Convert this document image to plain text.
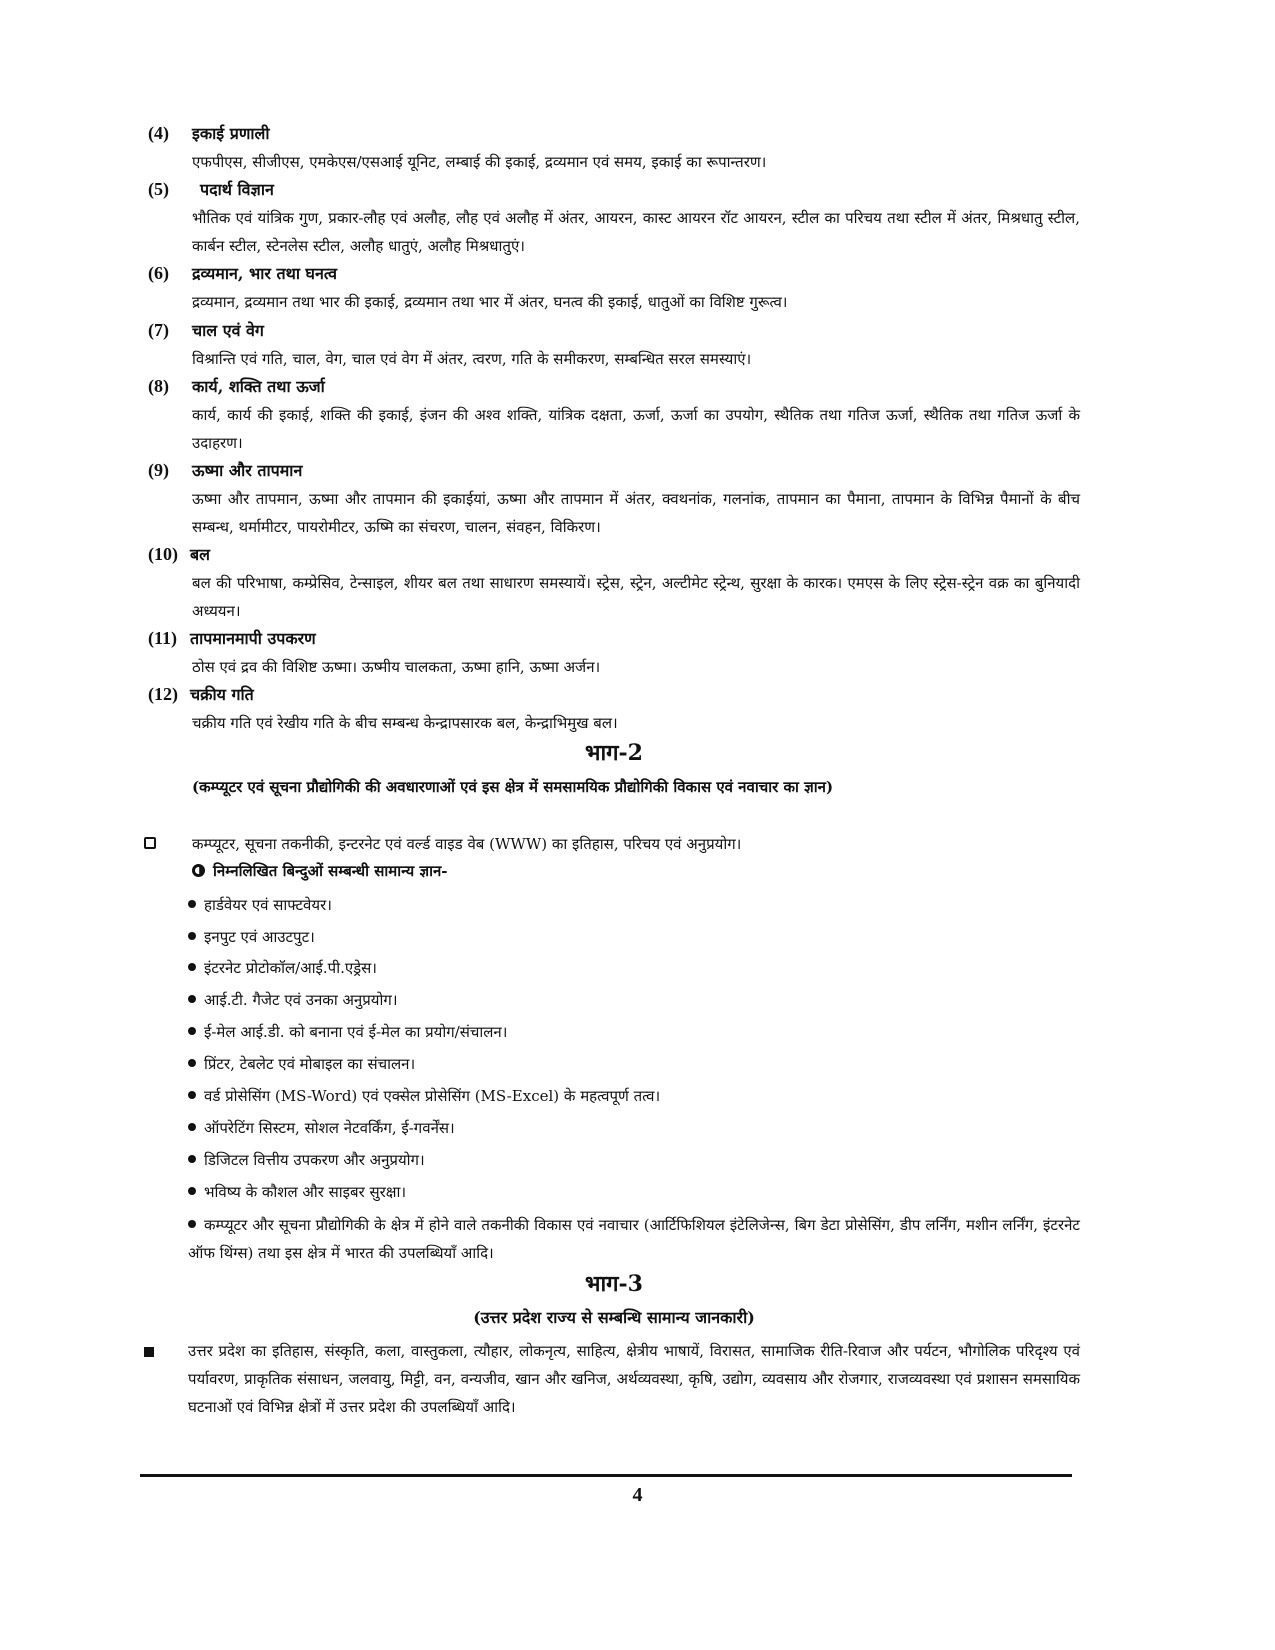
(4) इकाई प्रणाली
एफपीएस, सीजीएस, एमकेएस/एसआई यूनिट, लम्बाई की इकाई, द्रव्यमान एवं समय, इकाई का रूपान्तरण।
(5) पदार्थ विज्ञान
भौतिक एवं यांत्रिक गुण, प्रकार-लौह एवं अलौह, लौह एवं अलौह में अंतर, आयरन, कास्ट आयरन रॉट आयरन, स्टील का परिचय तथा स्टील में अंतर, मिश्रधातु स्टील, कार्बन स्टील, स्टेनलेस स्टील, अलौह धातुएं, अलौह मिश्रधातुएं।
(6) द्रव्यमान, भार तथा घनत्व
द्रव्यमान, द्रव्यमान तथा भार की इकाई, द्रव्यमान तथा भार में अंतर, घनत्व की इकाई, धातुओं का विशिष्ट गुरूत्व।
(7) चाल एवं वेग
विश्रान्ति एवं गति, चाल, वेग, चाल एवं वेग में अंतर, त्वरण, गति के समीकरण, सम्बन्धित सरल समस्याएं।
(8) कार्य, शक्ति तथा ऊर्जा
कार्य, कार्य की इकाई, शक्ति की इकाई, इंजन की अश्व शक्ति, यांत्रिक दक्षता, ऊर्जा, ऊर्जा का उपयोग, स्थैतिक तथा गतिज ऊर्जा, स्थैतिक तथा गतिज ऊर्जा के उदाहरण।
(9) ऊष्मा और तापमान
ऊष्मा और तापमान, ऊष्मा और तापमान की इकाईयां, ऊष्मा और तापमान में अंतर, क्वथनांक, गलनांक, तापमान का पैमाना, तापमान के विभिन्न पैमानों के बीच सम्बन्ध, थर्मामीटर, पायरोमीटर, ऊष्मि का संचरण, चालन, संवहन, विकिरण।
(10) बल
बल की परिभाषा, कम्प्रेसिव, टेन्साइल, शीयर बल तथा साधारण समस्यायें। स्ट्रेस, स्ट्रेन, अल्टीमेट स्ट्रेन्थ, सुरक्षा के कारक। एमएस के लिए स्ट्रेस-स्ट्रेन वक्र का बुनियादी अध्ययन।
(11) तापमानमापी उपकरण
ठोस एवं द्रव की विशिष्ट ऊष्मा। ऊष्मीय चालकता, ऊष्मा हानि, ऊष्मा अर्जन।
(12) चक्रीय गति
चक्रीय गति एवं रेखीय गति के बीच सम्बन्ध केन्द्रापसारक बल, केन्द्राभिमुख बल।
भाग-2
(कम्प्यूटर एवं सूचना प्रौद्योगिकी की अवधारणाओं एवं इस क्षेत्र में समसामयिक प्रौद्योगिकी विकास एवं नवाचार का ज्ञान)
कम्प्यूटर, सूचना तकनीकी, इन्टरनेट एवं वर्ल्ड वाइड वेब (WWW) का इतिहास, परिचय एवं अनुप्रयोग।
निम्नलिखित बिन्दुओं सम्बन्धी सामान्य ज्ञान-
हार्डवेयर एवं साफ्टवेयर।
इनपुट एवं आउटपुट।
इंटरनेट प्रोटोकॉल/आई.पी.एड्रेस।
आई.टी. गैजेट एवं उनका अनुप्रयोग।
ई-मेल आई.डी. को बनाना एवं ई-मेल का प्रयोग/संचालन।
प्रिंटर, टेबलेट एवं मोबाइल का संचालन।
वर्ड प्रोसेसिंग (MS-Word) एवं एक्सेल प्रोसेसिंग (MS-Excel) के महत्वपूर्ण तत्व।
ऑपरेटिंग सिस्टम, सोशल नेटवर्किंग, ई-गवर्नेंस।
डिजिटल वित्तीय उपकरण और अनुप्रयोग।
भविष्य के कौशल और साइबर सुरक्षा।
कम्प्यूटर और सूचना प्रौद्योगिकी के क्षेत्र में होने वाले तकनीकी विकास एवं नवाचार (आर्टिफिशियल इंटेलिजेन्स, बिग डेटा प्रोसेसिंग, डीप लर्निंग, मशीन लर्निंग, इंटरनेट ऑफ थिंग्स) तथा इस क्षेत्र में भारत की उपलब्धियाँ आदि।
भाग-3
(उत्तर प्रदेश राज्य से सम्बन्धि सामान्य जानकारी)
उत्तर प्रदेश का इतिहास, संस्कृति, कला, वास्तुकला, त्यौहार, लोकनृत्य, साहित्य, क्षेत्रीय भाषायें, विरासत, सामाजिक रीति-रिवाज और पर्यटन, भौगोलिक परिदृश्य एवं पर्यावरण, प्राकृतिक संसाधन, जलवायु, मिट्टी, वन, वन्यजीव, खान और खनिज, अर्थव्यवस्था, कृषि, उद्योग, व्यवसाय और रोजगार, राजव्यवस्था एवं प्रशासन समसायिक घटनाओं एवं विभिन्न क्षेत्रों में उत्तर प्रदेश की उपलब्धियाँ आदि।
4
